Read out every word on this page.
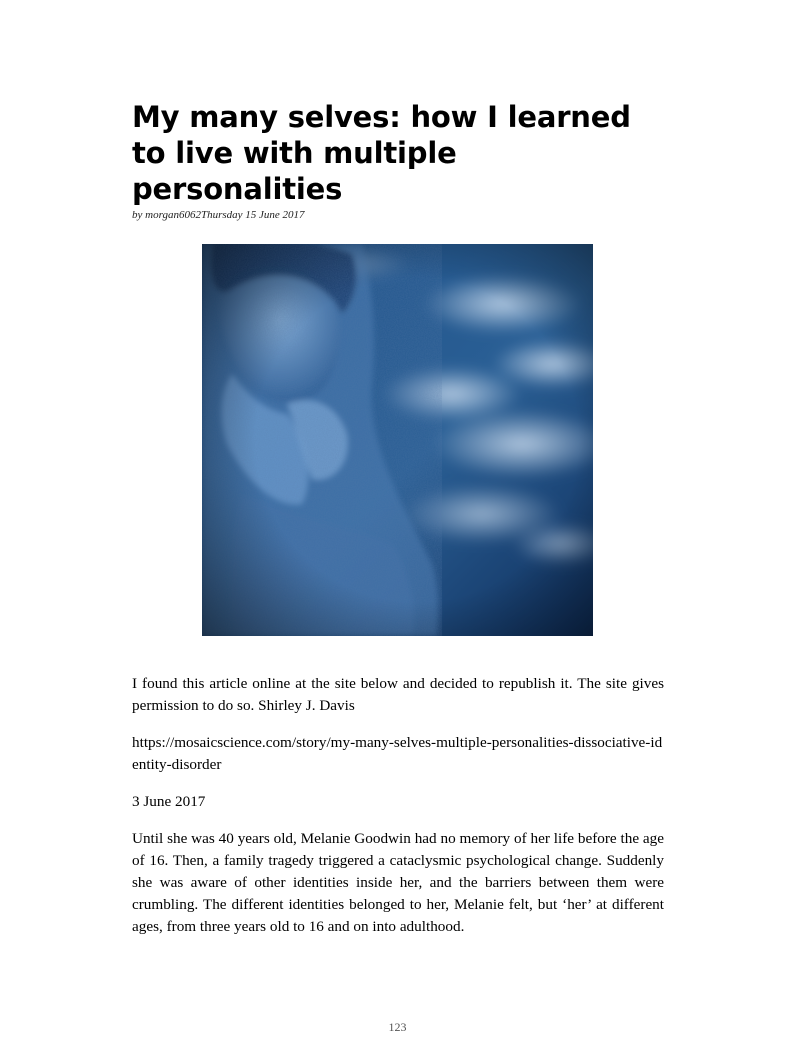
My many selves: how I learned to live with multiple personalities
by morgan6062Thursday 15 June 2017

I found this article online at the site below and decided to republish it. The site gives permission to do so. Shirley J. Davis

https://mosaicscience.com/story/my-many-selves-multiple-personalities-dissociative-identity-disorder

3 June 2017

Until she was 40 years old, Melanie Goodwin had no memory of her life before the age of 16. Then, a family tragedy triggered a cataclysmic psychological change. Suddenly she was aware of other identities inside her, and the barriers between them were crumbling. The different identities belonged to her, Melanie felt, but ‘her’ at different ages, from three years old to 16 and on into adulthood.

123
